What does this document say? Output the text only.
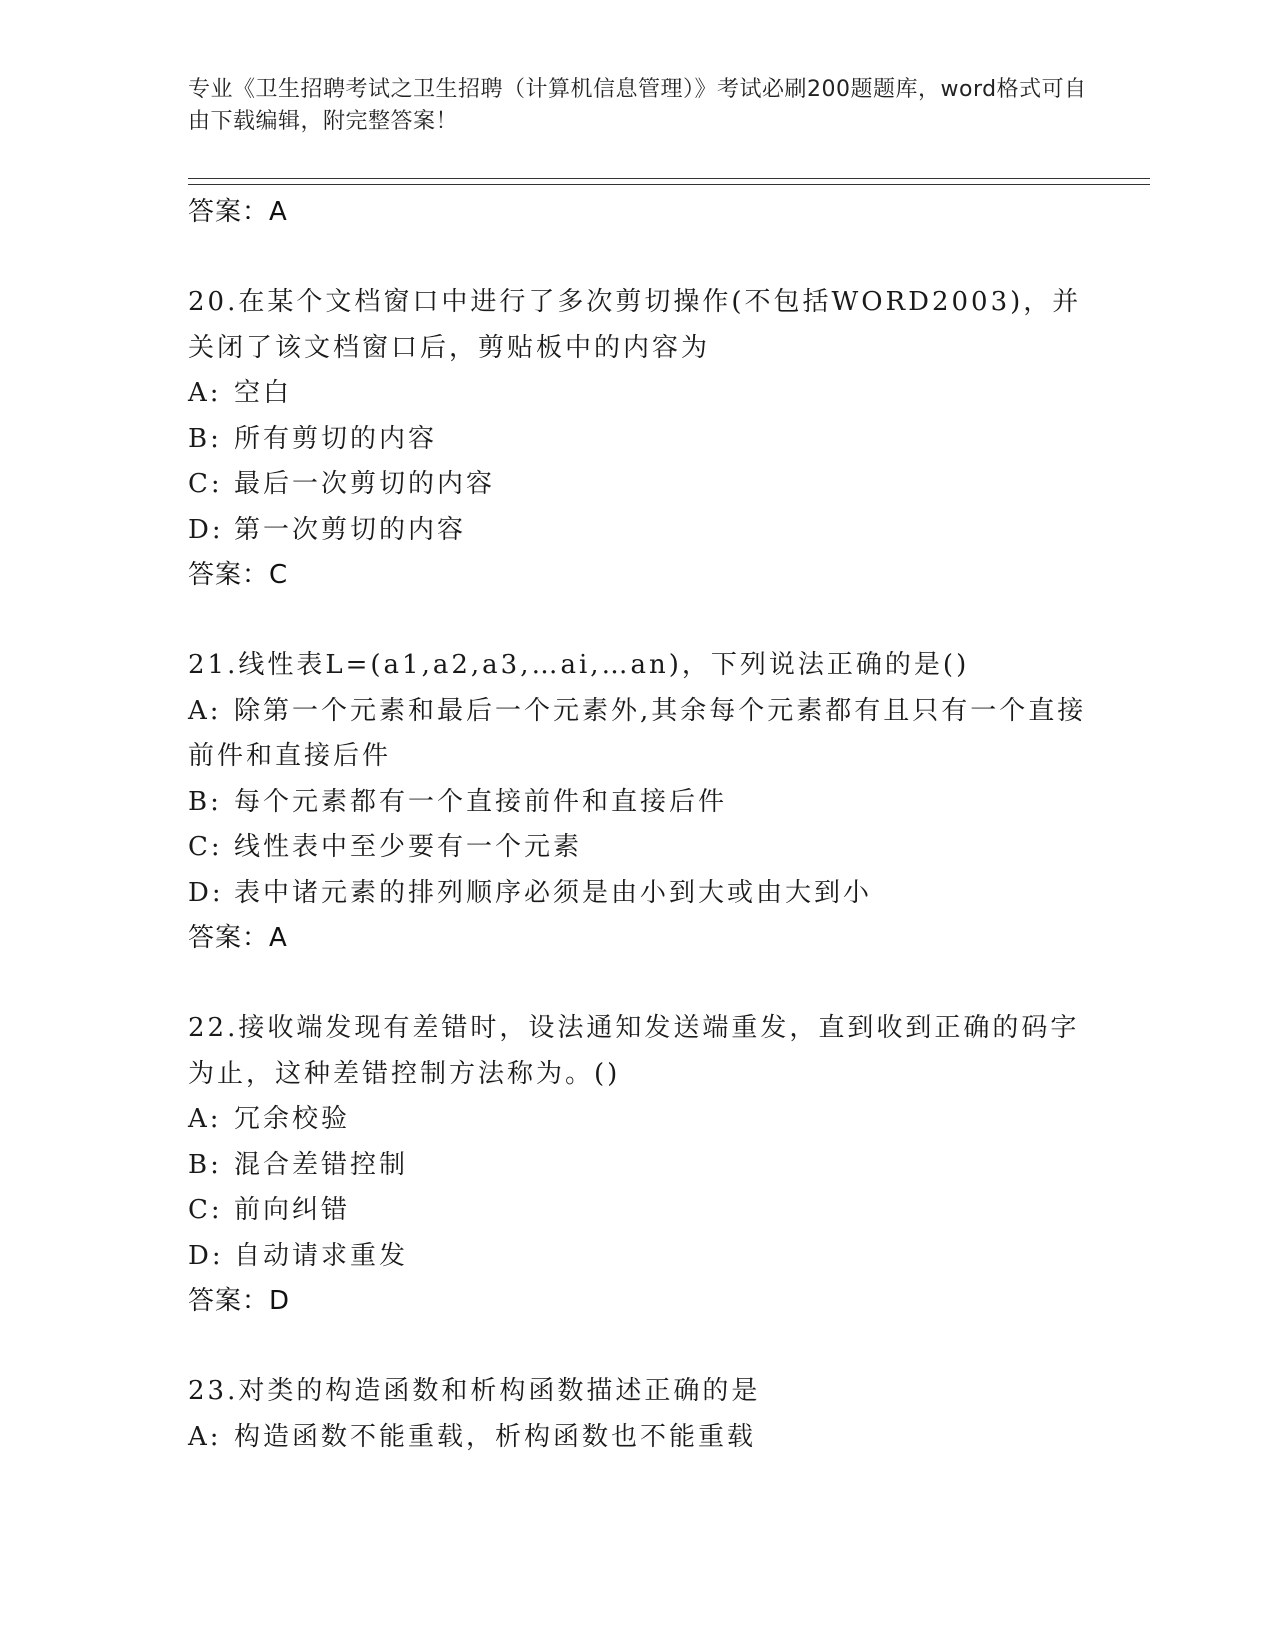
专业《卫生招聘考试之卫生招聘（计算机信息管理）》考试必刷200题题库，word格式可自由下载编辑，附完整答案！
答案：A
20.在某个文档窗口中进行了多次剪切操作(不包括WORD2003)，并关闭了该文档窗口后，剪贴板中的内容为
A: 空白
B: 所有剪切的内容
C: 最后一次剪切的内容
D: 第一次剪切的内容
答案：C
21.线性表L=(a1,a2,a3,…ai,…an)，下列说法正确的是()
A: 除第一个元素和最后一个元素外,其余每个元素都有且只有一个直接前件和直接后件
B: 每个元素都有一个直接前件和直接后件
C: 线性表中至少要有一个元素
D: 表中诸元素的排列顺序必须是由小到大或由大到小
答案：A
22.接收端发现有差错时，设法通知发送端重发，直到收到正确的码字为止，这种差错控制方法称为。()
A: 冗余校验
B: 混合差错控制
C: 前向纠错
D: 自动请求重发
答案：D
23.对类的构造函数和析构函数描述正确的是
A: 构造函数不能重载，析构函数也不能重载
